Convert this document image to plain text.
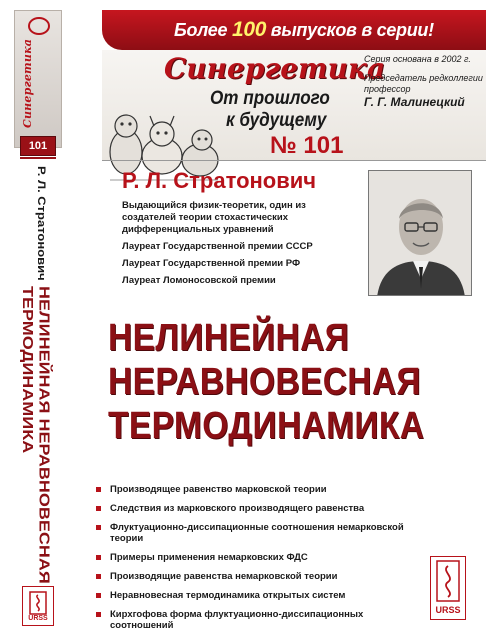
Синергетика
101
Р. Л. Стратонович
НЕЛИНЕЙНАЯ НЕРАВНОВЕСНАЯ
ТЕРМОДИНАМИКА
URSS
Более 100 выпусков в серии!
Синергетика
От прошлого
к будущему
№ 101
Серия основана в 2002 г.
Председатель редколлегии профессор
Г. Г. Малинецкий
Р. Л. Стратонович

Выдающийся физик-теоретик, один из создателей теории стохастических дифференциальных уравнений

Лауреат Государственной премии СССР

Лауреат Государственной премии РФ

Лауреат Ломоносовской премии

НЕЛИНЕЙНАЯ
НЕРАВНОВЕСНАЯ
ТЕРМОДИНАМИКА
Производящее равенство марковской теории
Следствия из марковского производящего равенства
Флуктуационно-диссипационные соотношения немарковской теории
Примеры применения немарковских ФДС
Производящие равенства немарковской теории
Неравновесная термодинамика открытых систем
Кирхгофова форма флуктуационно-диссипационных соотношений
URSS
